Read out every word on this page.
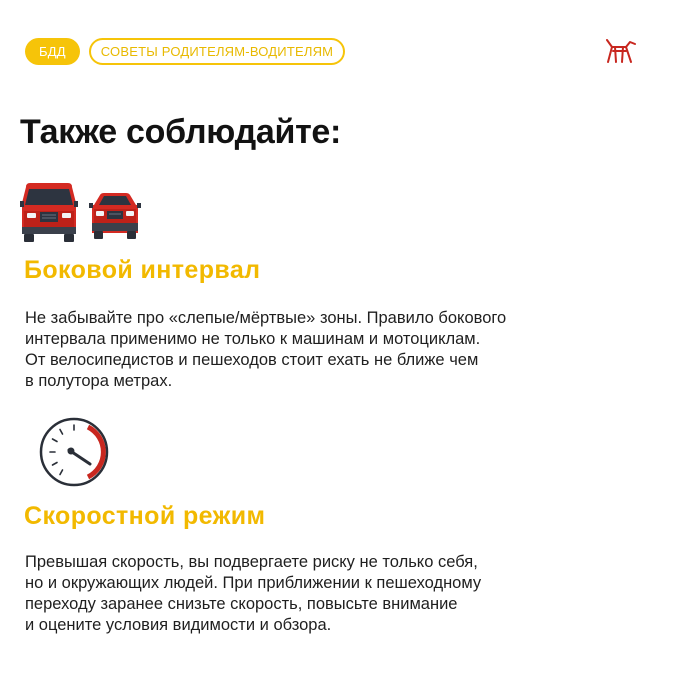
БДД	СОВЕТЫ РОДИТЕЛЯМ-ВОДИТЕЛЯМ
Также соблюдайте:
Боковой интервал
Не забывайте про «слепые/мёртвые» зоны. Правило бокового
интервала применимо не только к машинам и мотоциклам.
От велосипедистов и пешеходов стоит ехать не ближе чем
в полутора метрах.
Скоростной режим
Превышая скорость, вы подвергаете риску не только себя,
но и окружающих людей. При приближении к пешеходному
переходу заранее снизьте скорость, повысьте внимание
и оцените условия видимости и обзора.
